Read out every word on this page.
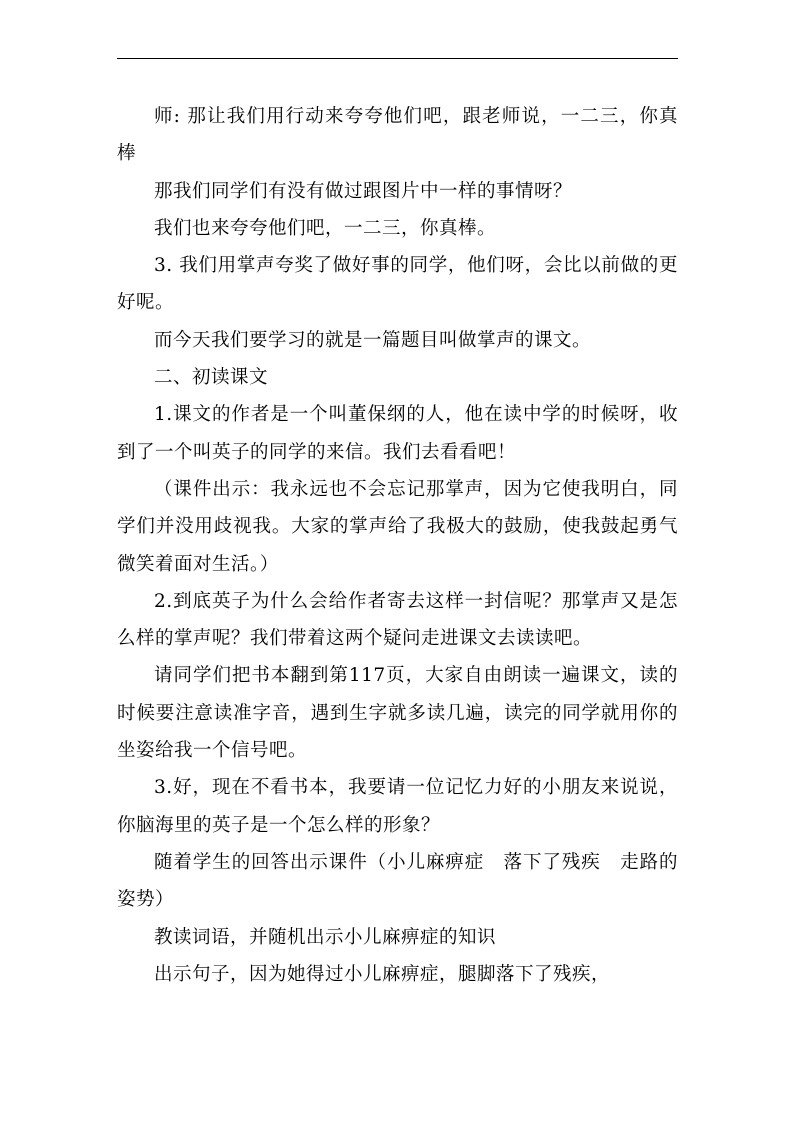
师: 那让我们用行动来夸夸他们吧，跟老师说，一二三，你真棒

那我们同学们有没有做过跟图片中一样的事情呀？

我们也来夸夸他们吧，一二三，你真棒。

3. 我们用掌声夸奖了做好事的同学，他们呀，会比以前做的更好呢。

而今天我们要学习的就是一篇题目叫做掌声的课文。

二、初读课文

1.课文的作者是一个叫董保纲的人，他在读中学的时候呀，收到了一个叫英子的同学的来信。我们去看看吧！

（课件出示：我永远也不会忘记那掌声，因为它使我明白，同学们并没用歧视我。大家的掌声给了我极大的鼓励，使我鼓起勇气微笑着面对生活。）

2.到底英子为什么会给作者寄去这样一封信呢？那掌声又是怎么样的掌声呢？我们带着这两个疑问走进课文去读读吧。

请同学们把书本翻到第117页，大家自由朗读一遍课文，读的时候要注意读准字音，遇到生字就多读几遍，读完的同学就用你的坐姿给我一个信号吧。

3.好，现在不看书本，我要请一位记忆力好的小朋友来说说，你脑海里的英子是一个怎么样的形象？

随着学生的回答出示课件（小儿麻痹症　落下了残疾　走路的姿势）

教读词语，并随机出示小儿麻痹症的知识

出示句子，因为她得过小儿麻痹症，腿脚落下了残疾，
